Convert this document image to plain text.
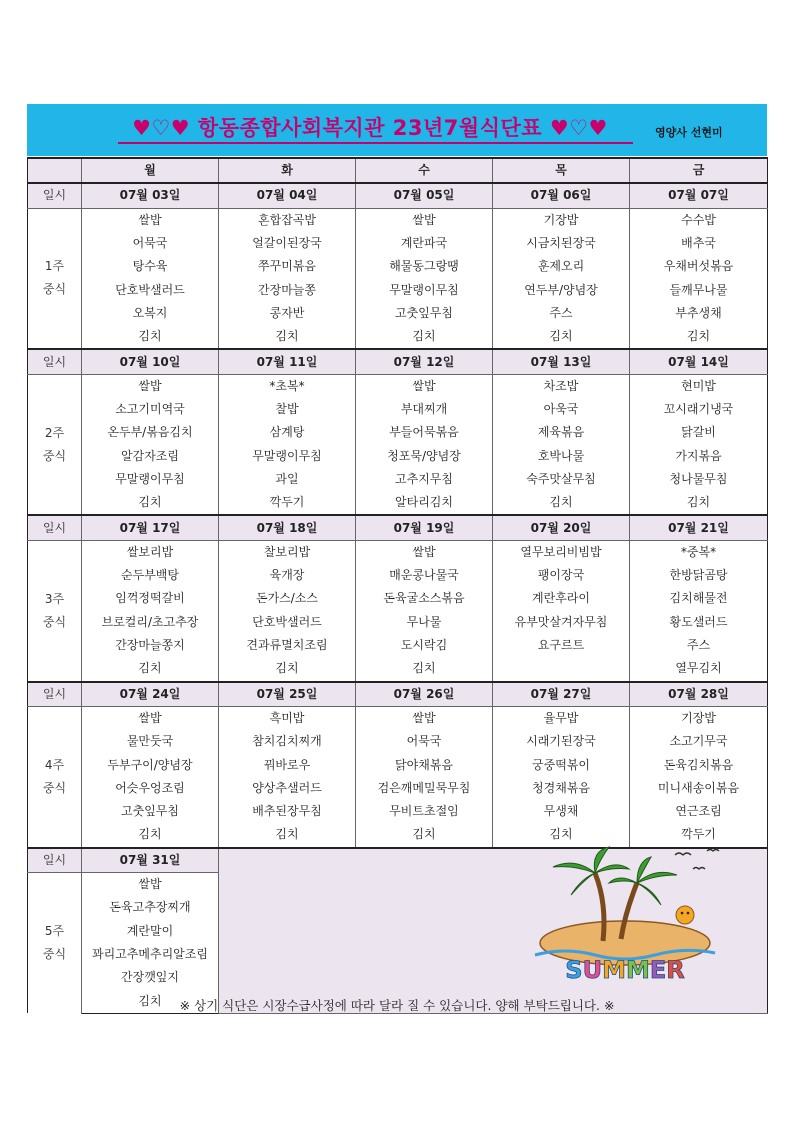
♥♡♥ 항동종합사회복지관 23년7월식단표 ♥♡♥	영양사 선현미
	월	화	수	목	금
일시	07월 03일	07월 04일	07월 05일	07월 06일	07월 07일

1주
중식	쌀밥	혼합잡곡밥	쌀밥	기장밥	수수밥
	어묵국	얼갈이된장국	계란파국	시금치된장국	배추국
	탕수육	쭈꾸미볶음	해물동그랑땡	훈제오리	우채버섯볶음
	단호박샐러드	간장마늘쫑	무말랭이무침	연두부/양념장	들깨무나물
	오복지	콩자반	고춧잎무침	주스	부추생채
	김치	김치	김치	김치	김치
일시	07월 10일	07월 11일	07월 12일	07월 13일	07월 14일

2주
중식	쌀밥	*초복*	쌀밥	차조밥	현미밥
	소고기미역국	찰밥	부대찌개	아욱국	꼬시래기냉국
	온두부/볶음김치	삼계탕	부들어묵볶음	제육볶음	닭갈비
	알감자조림	무말랭이무침	청포묵/양념장	호박나물	가지볶음
	무말랭이무침	과일	고추지무침	숙주맛살무침	청나물무침
	김치	깍두기	알타리김치	김치	김치
일시	07월 17일	07월 18일	07월 19일	07월 20일	07월 21일

3주
중식	쌀보리밥	찰보리밥	쌀밥	열무보리비빔밥	*중복*
	순두부백탕	육개장	매운콩나물국	팽이장국	한방닭곰탕
	임꺽정떡갈비	돈가스/소스	돈육굴소스볶음	계란후라이	김치해물전
	브로컬리/초고추장	단호박샐러드	무나물	유부맛살겨자무침	황도샐러드
	간장마늘쫑지	견과류멸치조림	도시락김	요구르트	주스
	김치	김치	김치		열무김치
일시	07월 24일	07월 25일	07월 26일	07월 27일	07월 28일

4주
중식	쌀밥	흑미밥	쌀밥	율무밥	기장밥
	물만둣국	참치김치찌개	어묵국	시래기된장국	소고기무국
	두부구이/양념장	꿔바로우	닭야채볶음	궁중떡볶이	돈육김치볶음
	어슷우엉조림	양상추샐러드	검은깨메밀묵무침	청경채볶음	미니새송이볶음
	고춧잎무침	배추된장무침	무비트초절임	무생채	연근조림
	김치	김치	김치	김치	깍두기
일시	07월 31일				

5주
중식	쌀밥				
	돈육고추장찌개				
	계란말이				
	꽈리고추메추리알조림				
	간장깻잎지				
	김치					※ 상기 식단은 시장수급사정에 따라 달라 질 수 있습니다. 양해 부탁드립니다. ※
SUMMER
